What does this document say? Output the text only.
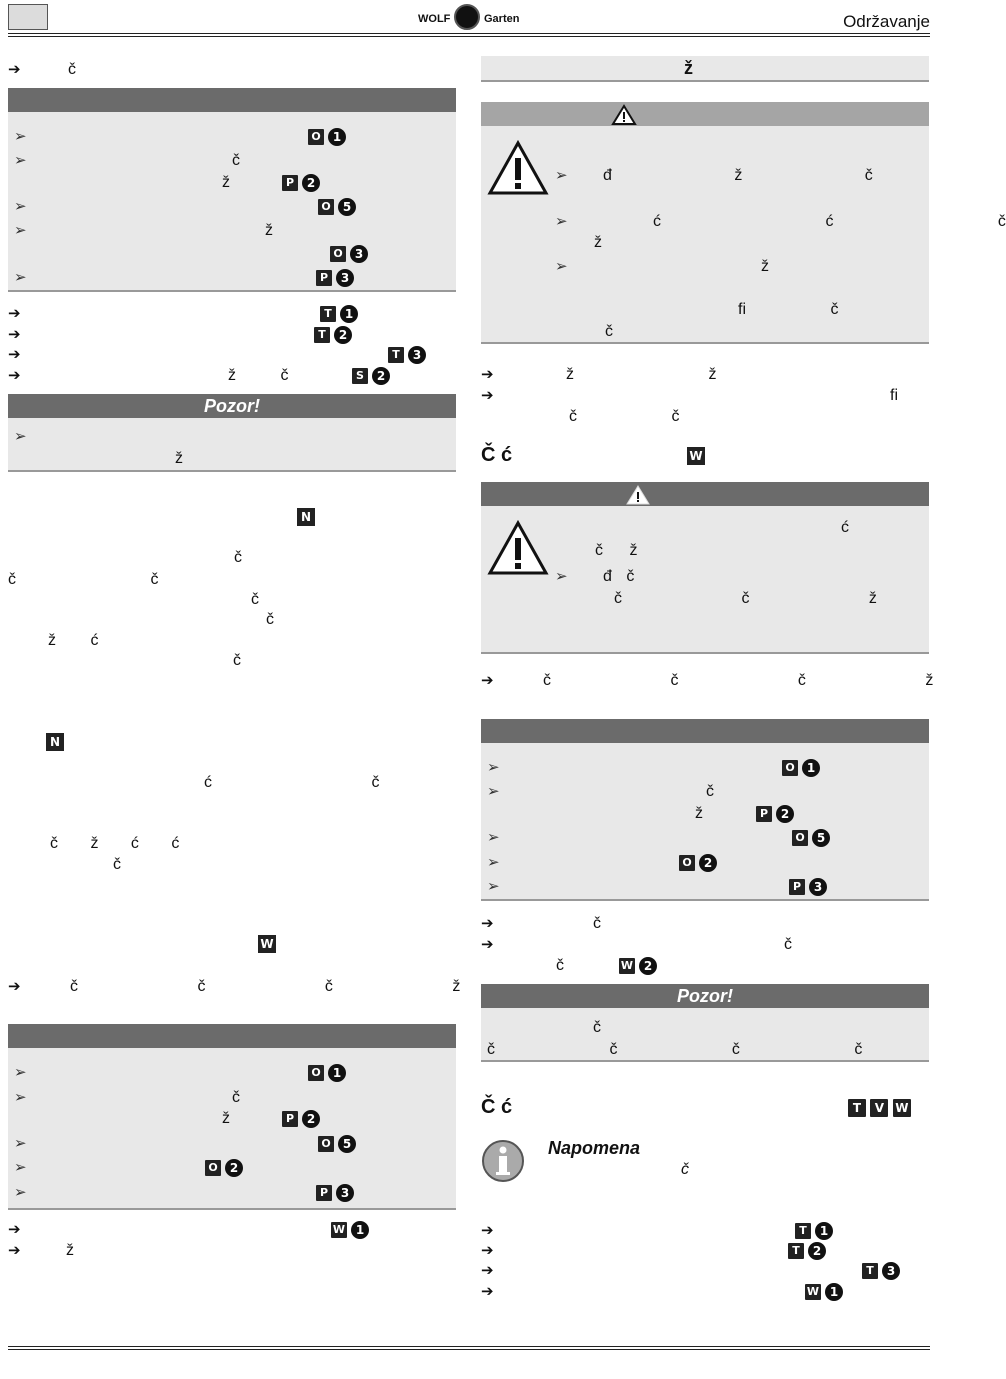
WOLF	Garten	Održavanje
➔	č
➢	O 1
➢	č
ž	P 2
➢	O 5
➢	ž
O 3
➢	P 3
➔	T 1
➔	T 2
➔	T 3
➔	ž č	S 2
Pozor!
➢
ž
N
č
č č
č
č
ž ć
č
N
ć č
č ž ć ć
č
W
➔	č č č ž
➢	O 1
➢	č
ž	P 2
➢	O 5
➢	O 2
➢	P 3
➔	W 1
➔	ž
ž
➢ đ ž č
➢	ć ć č
ž
➢	ž
fi č
č
➔	ž ž
➔	fi
č č
Č ć	W
ć
č ž
➢ đ č
č č ž
➔	č č č ž
➢	O 1
➢	č
ž	P 2
➢	O 5
➢	O 2
➢	P 3
➔	č
➔	č
č	W 2
Pozor!
č
č č č č
Č ć	T V W
Napomena
č
➔	T 1
➔	T 2
➔	T 3
➔	W 1
